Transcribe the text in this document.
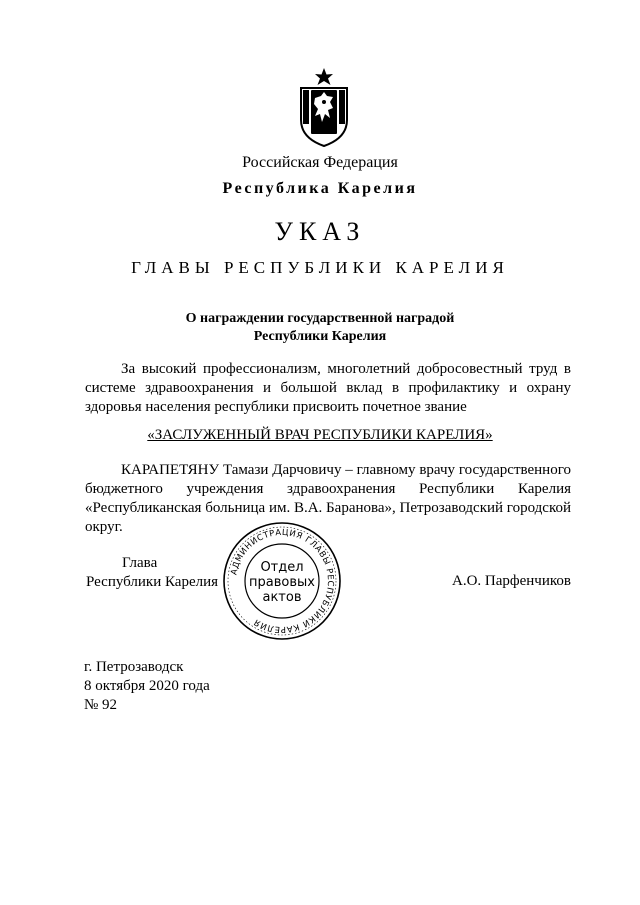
Российская Федерация
Республика Карелия
УКАЗ
ГЛАВЫ РЕСПУБЛИКИ КАРЕЛИЯ
О награждении государственной наградой
Республики Карелия
За высокий профессионализм, многолетний добросовестный труд в системе здравоохранения и большой вклад в профилактику и охрану здоровья населения республики присвоить почетное звание
«ЗАСЛУЖЕННЫЙ ВРАЧ РЕСПУБЛИКИ КАРЕЛИЯ»
КАРАПЕТЯНУ Тамази Дарчовичу – главному врачу государственного бюджетного учреждения здравоохранения Республики Карелия «Республиканская больница им. В.А. Баранова», Петрозаводский городской округ.
Глава
Республики Карелия
АДМИНИСТРАЦИЯ ГЛАВЫ РЕСПУБЛИКИ КАРЕЛИЯ
Отдел
правовых
актов
А.О. Парфенчиков
г. Петрозаводск
8 октября 2020 года
№ 92
